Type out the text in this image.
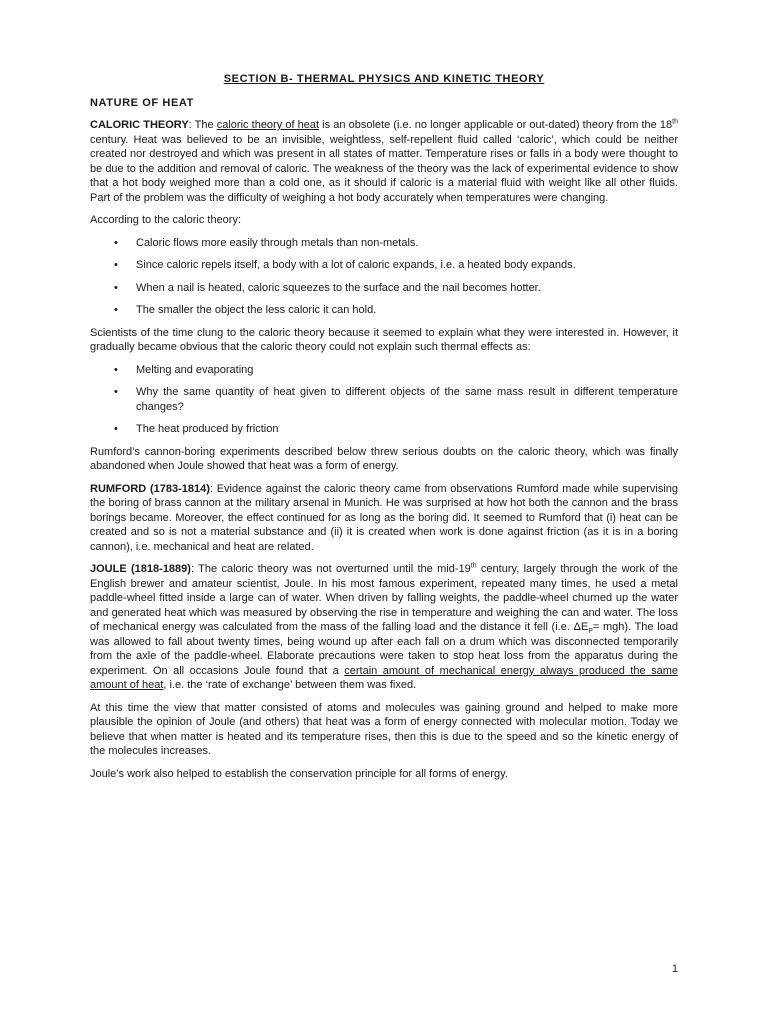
SECTION B- THERMAL PHYSICS AND KINETIC THEORY
NATURE OF HEAT

CALORIC THEORY: The caloric theory of heat is an obsolete (i.e. no longer applicable or out-dated) theory from the 18th century. Heat was believed to be an invisible, weightless, self-repellent fluid called ‘caloric’, which could be neither created nor destroyed and which was present in all states of matter. Temperature rises or falls in a body were thought to be due to the addition and removal of caloric. The weakness of the theory was the lack of experimental evidence to show that a hot body weighed more than a cold one, as it should if caloric is a material fluid with weight like all other fluids. Part of the problem was the difficulty of weighing a hot body accurately when temperatures were changing.

According to the caloric theory:

• Caloric flows more easily through metals than non-metals.
• Since caloric repels itself, a body with a lot of caloric expands, i.e. a heated body expands.
• When a nail is heated, caloric squeezes to the surface and the nail becomes hotter.
• The smaller the object the less caloric it can hold.

Scientists of the time clung to the caloric theory because it seemed to explain what they were interested in. However, it gradually became obvious that the caloric theory could not explain such thermal effects as:

• Melting and evaporating
• Why the same quantity of heat given to different objects of the same mass result in different temperature changes?
• The heat produced by friction

Rumford’s cannon-boring experiments described below threw serious doubts on the caloric theory, which was finally abandoned when Joule showed that heat was a form of energy.

RUMFORD (1783-1814): Evidence against the caloric theory came from observations Rumford made while supervising the boring of brass cannon at the military arsenal in Munich. He was surprised at how hot both the cannon and the brass borings became. Moreover, the effect continued for as long as the boring did. It seemed to Rumford that (i) heat can be created and so is not a material substance and (ii) it is created when work is done against friction (as it is in a boring cannon), i.e. mechanical and heat are related.

JOULE (1818-1889): The caloric theory was not overturned until the mid-19th century, largely through the work of the English brewer and amateur scientist, Joule. In his most famous experiment, repeated many times, he used a metal paddle-wheel fitted inside a large can of water. When driven by falling weights, the paddle-wheel churned up the water and generated heat which was measured by observing the rise in temperature and weighing the can and water. The loss of mechanical energy was calculated from the mass of the falling load and the distance it fell (i.e. $\Delta E_P= mgh$). The load was allowed to fall about twenty times, being wound up after each fall on a drum which was disconnected temporarily from the axle of the paddle-wheel. Elaborate precautions were taken to stop heat loss from the apparatus during the experiment. On all occasions Joule found that a certain amount of mechanical energy always produced the same amount of heat, i.e. the ‘rate of exchange’ between them was fixed.

At this time the view that matter consisted of atoms and molecules was gaining ground and helped to make more plausible the opinion of Joule (and others) that heat was a form of energy connected with molecular motion. Today we believe that when matter is heated and its temperature rises, then this is due to the speed and so the kinetic energy of the molecules increases.

Joule’s work also helped to establish the conservation principle for all forms of energy.

1
